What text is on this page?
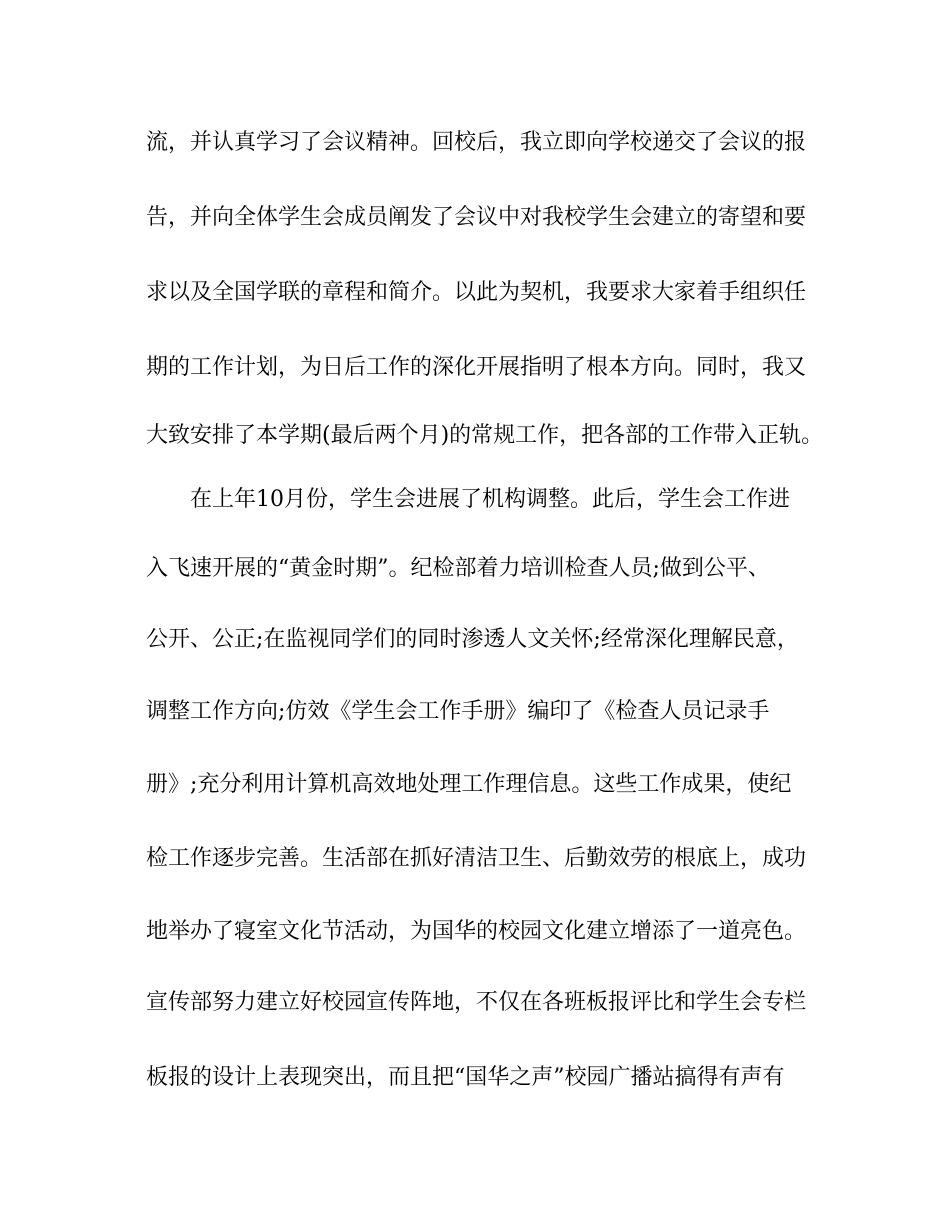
流，并认真学习了会议精神。回校后，我立即向学校递交了会议的报
告，并向全体学生会成员阐发了会议中对我校学生会建立的寄望和要
求以及全国学联的章程和简介。以此为契机，我要求大家着手组织任
期的工作计划，为日后工作的深化开展指明了根本方向。同时，我又
大致安排了本学期(最后两个月)的常规工作，把各部的工作带入正轨。
在上年10月份，学生会进展了机构调整。此后，学生会工作进
入飞速开展的“黄金时期”。纪检部着力培训检查人员;做到公平、
公开、公正;在监视同学们的同时渗透人文关怀;经常深化理解民意，
调整工作方向;仿效《学生会工作手册》编印了《检查人员记录手
册》;充分利用计算机高效地处理工作理信息。这些工作成果，使纪
检工作逐步完善。生活部在抓好清洁卫生、后勤效劳的根底上，成功
地举办了寝室文化节活动，为国华的校园文化建立增添了一道亮色。
宣传部努力建立好校园宣传阵地，不仅在各班板报评比和学生会专栏
板报的设计上表现突出，而且把“国华之声”校园广播站搞得有声有
